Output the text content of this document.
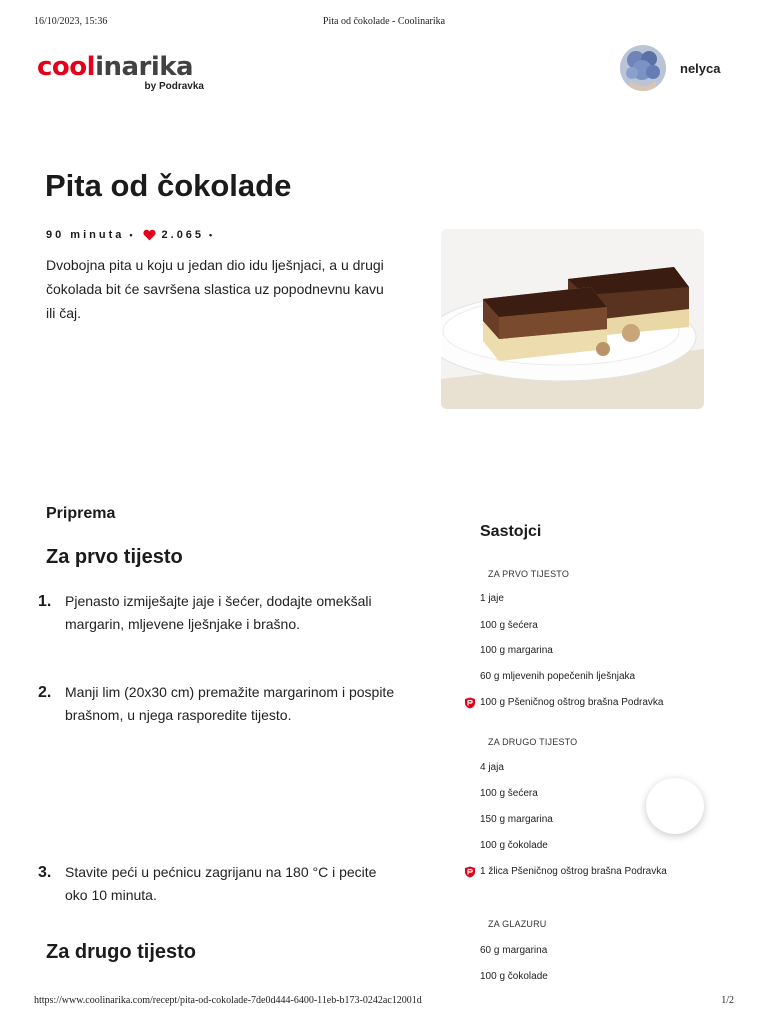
16/10/2023, 15:36	Pita od čokolade - Coolinarika
coolinarika
by Podravka
nelyca
Pita od čokolade
90 minuta • 2.065 •

Dvobojna pita u koju u jedan dio idu lješnjaci, a u drugi čokolada bit će savršena slastica uz popodnevnu kavu ili čaj.

Priprema
Za prvo tijesto
1. Pjenasto izmiješajte jaje i šećer, dodajte omekšali margarin, mljevene lješnjake i brašno.
2. Manji lim (20x30 cm) premažite margarinom i pospite brašnom, u njega rasporedite tijesto.
3. Stavite peći u pećnicu zagrijanu na 180 °C i pecite oko 10 minuta.
Za drugo tijesto
Sastojci
ZA PRVO TIJESTO
1 jaje
100 g šećera
100 g margarina
60 g mljevenih popečenih lješnjaka
100 g Pšeničnog oštrog brašna Podravka
ZA DRUGO TIJESTO
4 jaja
100 g šećera
150 g margarina
100 g čokolade
1 žlica Pšeničnog oštrog brašna Podravka
ZA GLAZURU
60 g margarina
100 g čokolade
https://www.coolinarika.com/recept/pita-od-cokolade-7de0d444-6400-11eb-b173-0242ac12001d	1/2
